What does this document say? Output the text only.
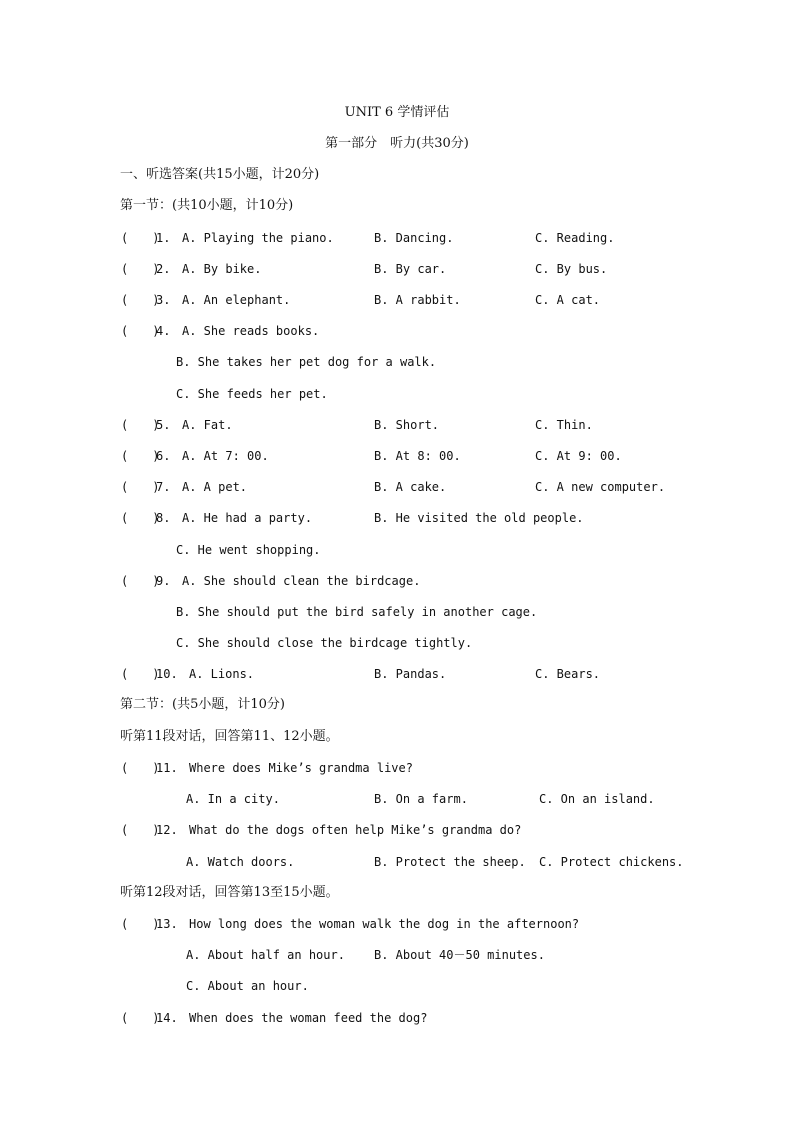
UNIT 6 学情评估
第一部分　听力(共30分)
一、听选答案(共15小题，计20分)
第一节：(共10小题，计10分)
(　　)
1. A. Playing the piano.	B. Dancing.	C. Reading.
(　　)
2. A. By bike.	B. By car.	C. By bus.
(　　)
3. A. An elephant.	B. A rabbit.	C. A cat.
(　　)
4. A. She reads books.
B. She takes her pet dog for a walk.
C. She feeds her pet.
(　　)
5. A. Fat.	B. Short.	C. Thin.
(　　)
6. A. At 7: 00.	B. At 8: 00.	C. At 9: 00.
(　　)
7. A. A pet.	B. A cake.	C. A new computer.
(　　)
8. A. He had a party.	B. He visited the old people.
C. He went shopping.
(　　)
9. A. She should clean the birdcage.
B. She should put the bird safely in another cage.
C. She should close the birdcage tightly.
(　　)
10. A. Lions.	B. Pandas.	C. Bears.
第二节：(共5小题，计10分)
听第11段对话，回答第11、12小题。
(　　)
11. Where does Mike’s grandma live?
A. In a city.	B. On a farm.	C. On an island.
(　　)
12. What do the dogs often help Mike’s grandma do?
A. Watch doors.	B. Protect the sheep. C. Protect chickens.
听第12段对话，回答第13至15小题。
(　　)
13. How long does the woman walk the dog in the afternoon?
A. About half an hour. B. About 40－50 minutes.
C. About an hour.
(　　)
14. When does the woman feed the dog?
